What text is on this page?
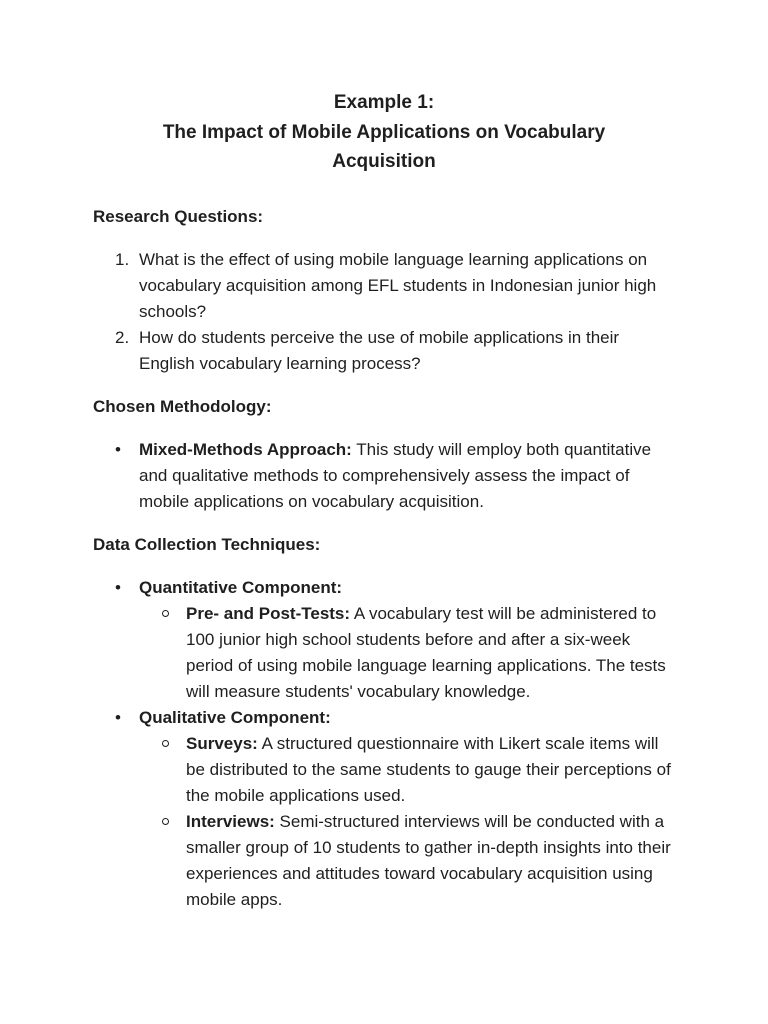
Example 1:
The Impact of Mobile Applications on Vocabulary Acquisition

Research Questions:

1. What is the effect of using mobile language learning applications on vocabulary acquisition among EFL students in Indonesian junior high schools?
2. How do students perceive the use of mobile applications in their English vocabulary learning process?

Chosen Methodology:

• Mixed-Methods Approach: This study will employ both quantitative and qualitative methods to comprehensively assess the impact of mobile applications on vocabulary acquisition.

Data Collection Techniques:

• Quantitative Component:
Pre- and Post-Tests: A vocabulary test will be administered to 100 junior high school students before and after a six-week period of using mobile language learning applications. The tests will measure students' vocabulary knowledge.
• Qualitative Component:
Surveys: A structured questionnaire with Likert scale items will be distributed to the same students to gauge their perceptions of the mobile applications used.
Interviews: Semi-structured interviews will be conducted with a smaller group of 10 students to gather in-depth insights into their experiences and attitudes toward vocabulary acquisition using mobile apps.
